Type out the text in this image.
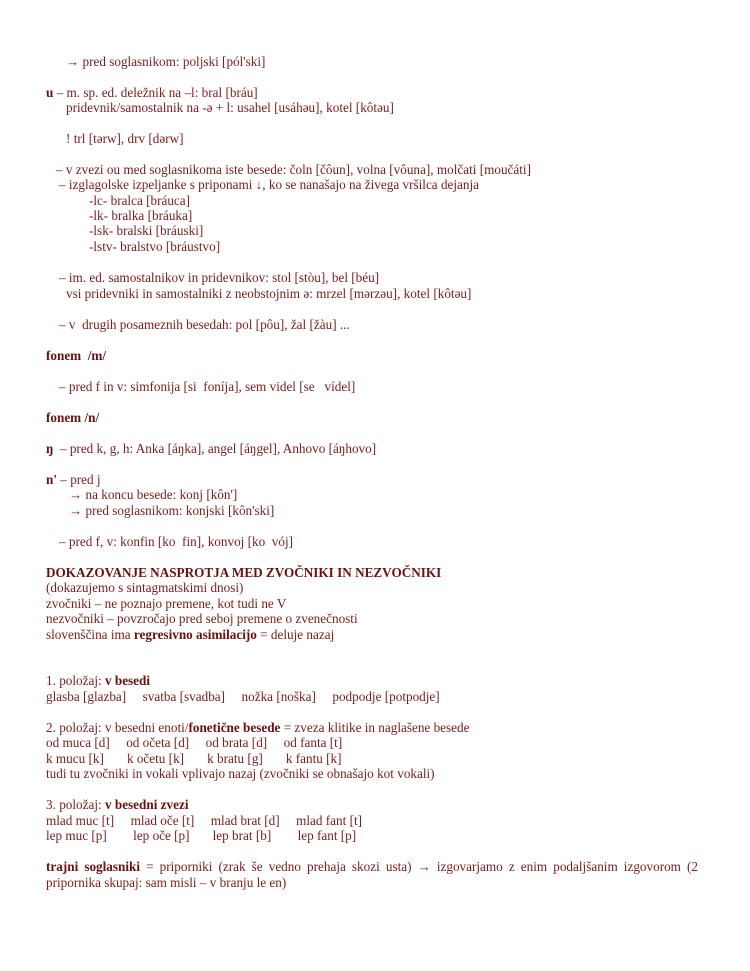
→ pred soglasnikom: poljski [pól'ski]
u – m. sp. ed. deležnik na –l: bral [bráu]
pridevnik/samostalnik na -ə + l: usahel [usáhəu], kotel [kôtəu]
! trl [tərw], drv [dərw]
– v zvezi ou med soglasnikoma iste besede: čoln [čôun], volna [vôuna], molčati [moučáti]
– izglagolske izpeljanke s priponami ↓, ko se nanašajo na živega vršilca dejanja
-lc- bralca [bráuca]
-lk- bralka [bráuka]
-lsk- bralski [bráuski]
-lstv- bralstvo [bráustvo]
– im. ed. samostalnikov in pridevnikov: stol [stòu], bel [béu]
vsi pridevniki in samostalniki z neobstojnim ə: mrzel [mərzəu], kotel [kôtəu]
– v  drugih posameznih besedah: pol [pôu], žal [žàu] ...
fonem  /m/
– pred f in v: simfonija [si  foníja], sem videl [se   vídel]
fonem /n/
ŋ  – pred k, g, h: Anka [áŋka], angel [áŋgel], Anhovo [áŋhovo]
n' – pred j
→ na koncu besede: konj [kôn']
→ pred soglasnikom: konjski [kôn'ski]
– pred f, v: konfin [ko  fin], konvoj [ko  vój]
DOKAZOVANJE NASPROTJA MED ZVOČNIKI IN NEZVOČNIKI
(dokazujemo s sintagmatskimi dnosi)
zvočniki – ne poznajo premene, kot tudi ne V
nezvočniki – povzročajo pred seboj premene o zvenečnosti
slovenščina ima regresivno asimilacijo = deluje nazaj
1. položaj: v besedi
glasba [glazba]     svatba [svadba]     nožka [noška]     podpodje [potpodje]
2. položaj: v besedni enoti/fonetične besede = zveza klitike in naglašene besede
od muca [d]     od očeta [d]     od brata [d]     od fanta [t]
k mucu [k]       k očetu [k]       k bratu [g]       k fantu [k]
tudi tu zvočniki in vokali vplivajo nazaj (zvočniki se obnašajo kot vokali)
3. položaj: v besedni zvezi
mlad muc [t]     mlad oče [t]     mlad brat [d]     mlad fant [t]
lep muc [p]        lep oče [p]       lep brat [b]        lep fant [p]
trajni soglasniki = priporniki (zrak še vedno prehaja skozi usta) → izgovarjamo z enim podaljšanim izgovorom (2 pripornika skupaj: sam misli – v branju le en)
